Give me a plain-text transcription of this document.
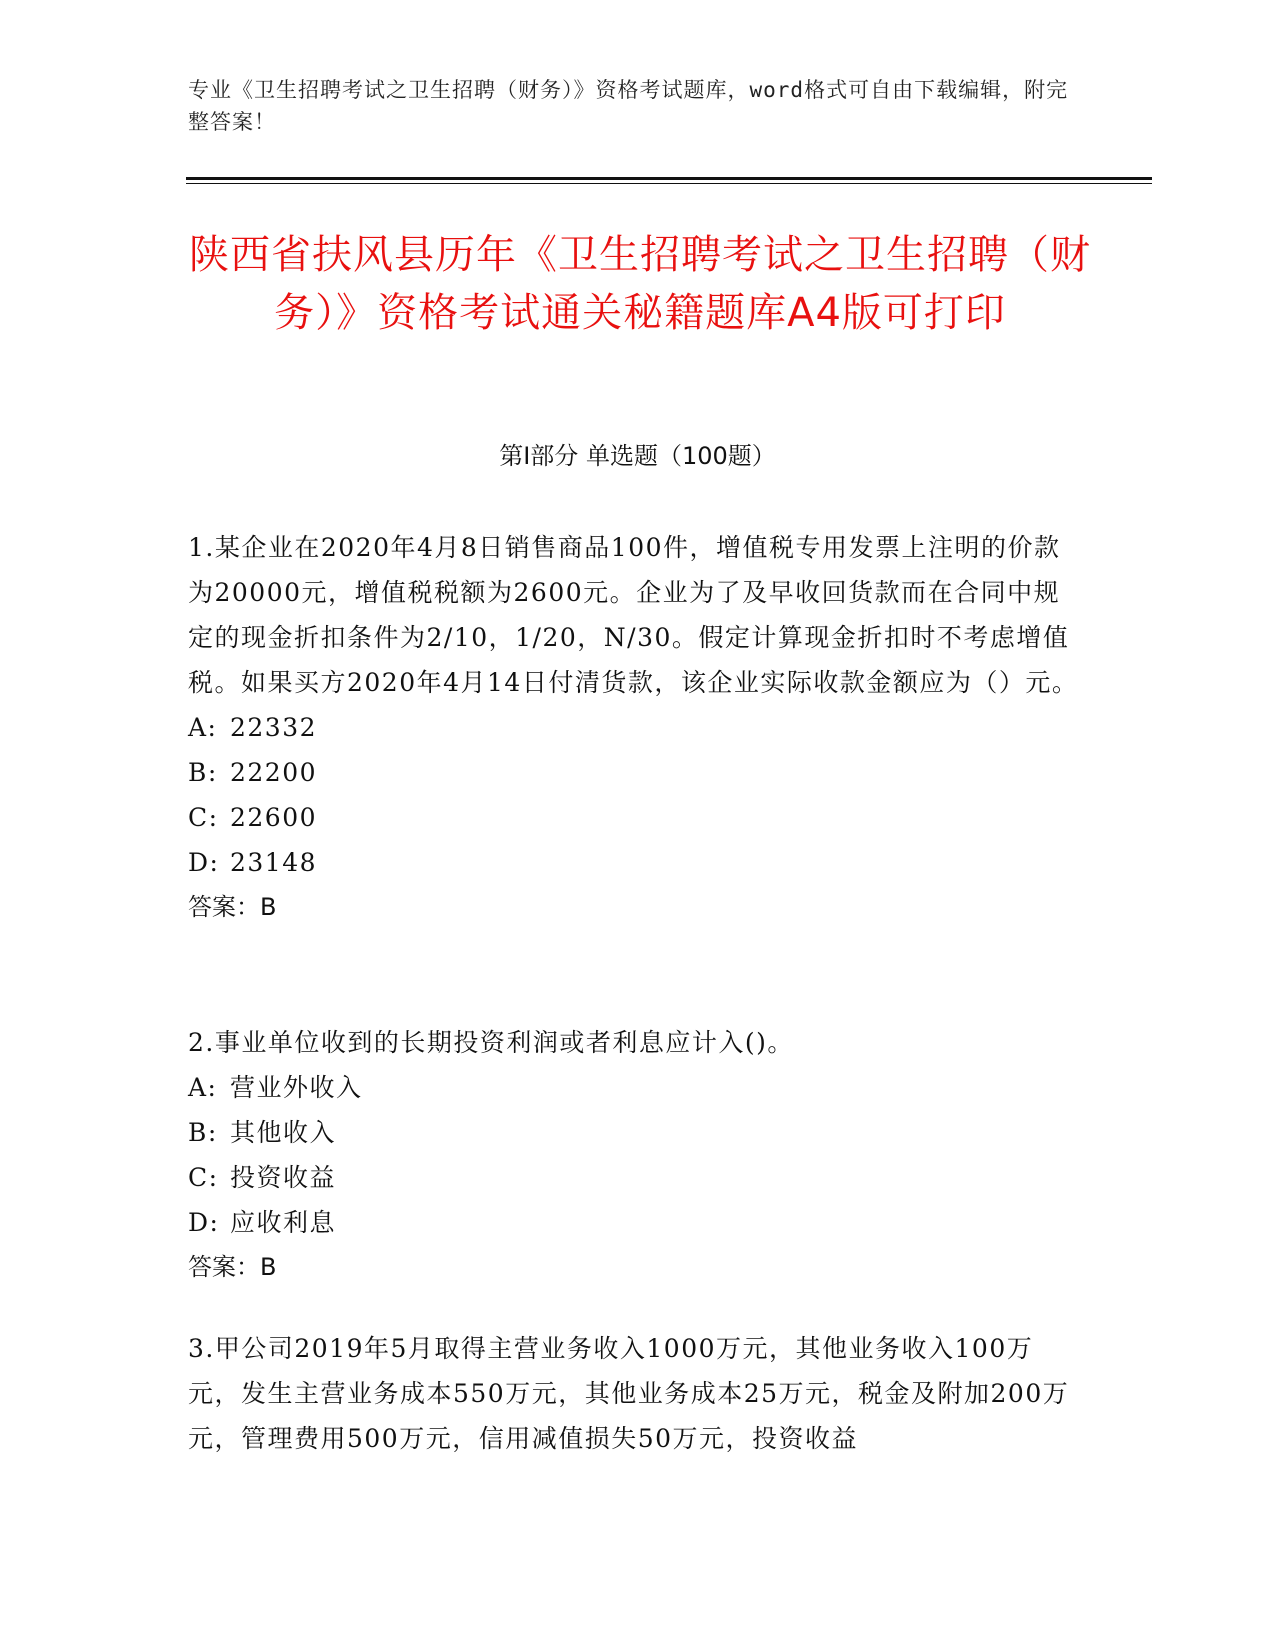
专业《卫生招聘考试之卫生招聘（财务）》资格考试题库，word格式可自由下载编辑，附完整答案！
陕西省扶风县历年《卫生招聘考试之卫生招聘（财务）》资格考试通关秘籍题库A4版可打印
第I部分 单选题（100题）

1.某企业在2020年4月8日销售商品100件，增值税专用发票上注明的价款为20000元，增值税税额为2600元。企业为了及早收回货款而在合同中规定的现金折扣条件为2/10，1/20，N/30。假定计算现金折扣时不考虑增值税。如果买方2020年4月14日付清货款，该企业实际收款金额应为（）元。

A: 22332

B: 22200

C: 22600

D: 23148

答案：B

2.事业单位收到的长期投资利润或者利息应计入()。

A: 营业外收入

B: 其他收入

C: 投资收益

D: 应收利息

答案：B

3.甲公司2019年5月取得主营业务收入1000万元，其他业务收入100万元，发生主营业务成本550万元，其他业务成本25万元，税金及附加200万元，管理费用500万元，信用减值损失50万元，投资收益
